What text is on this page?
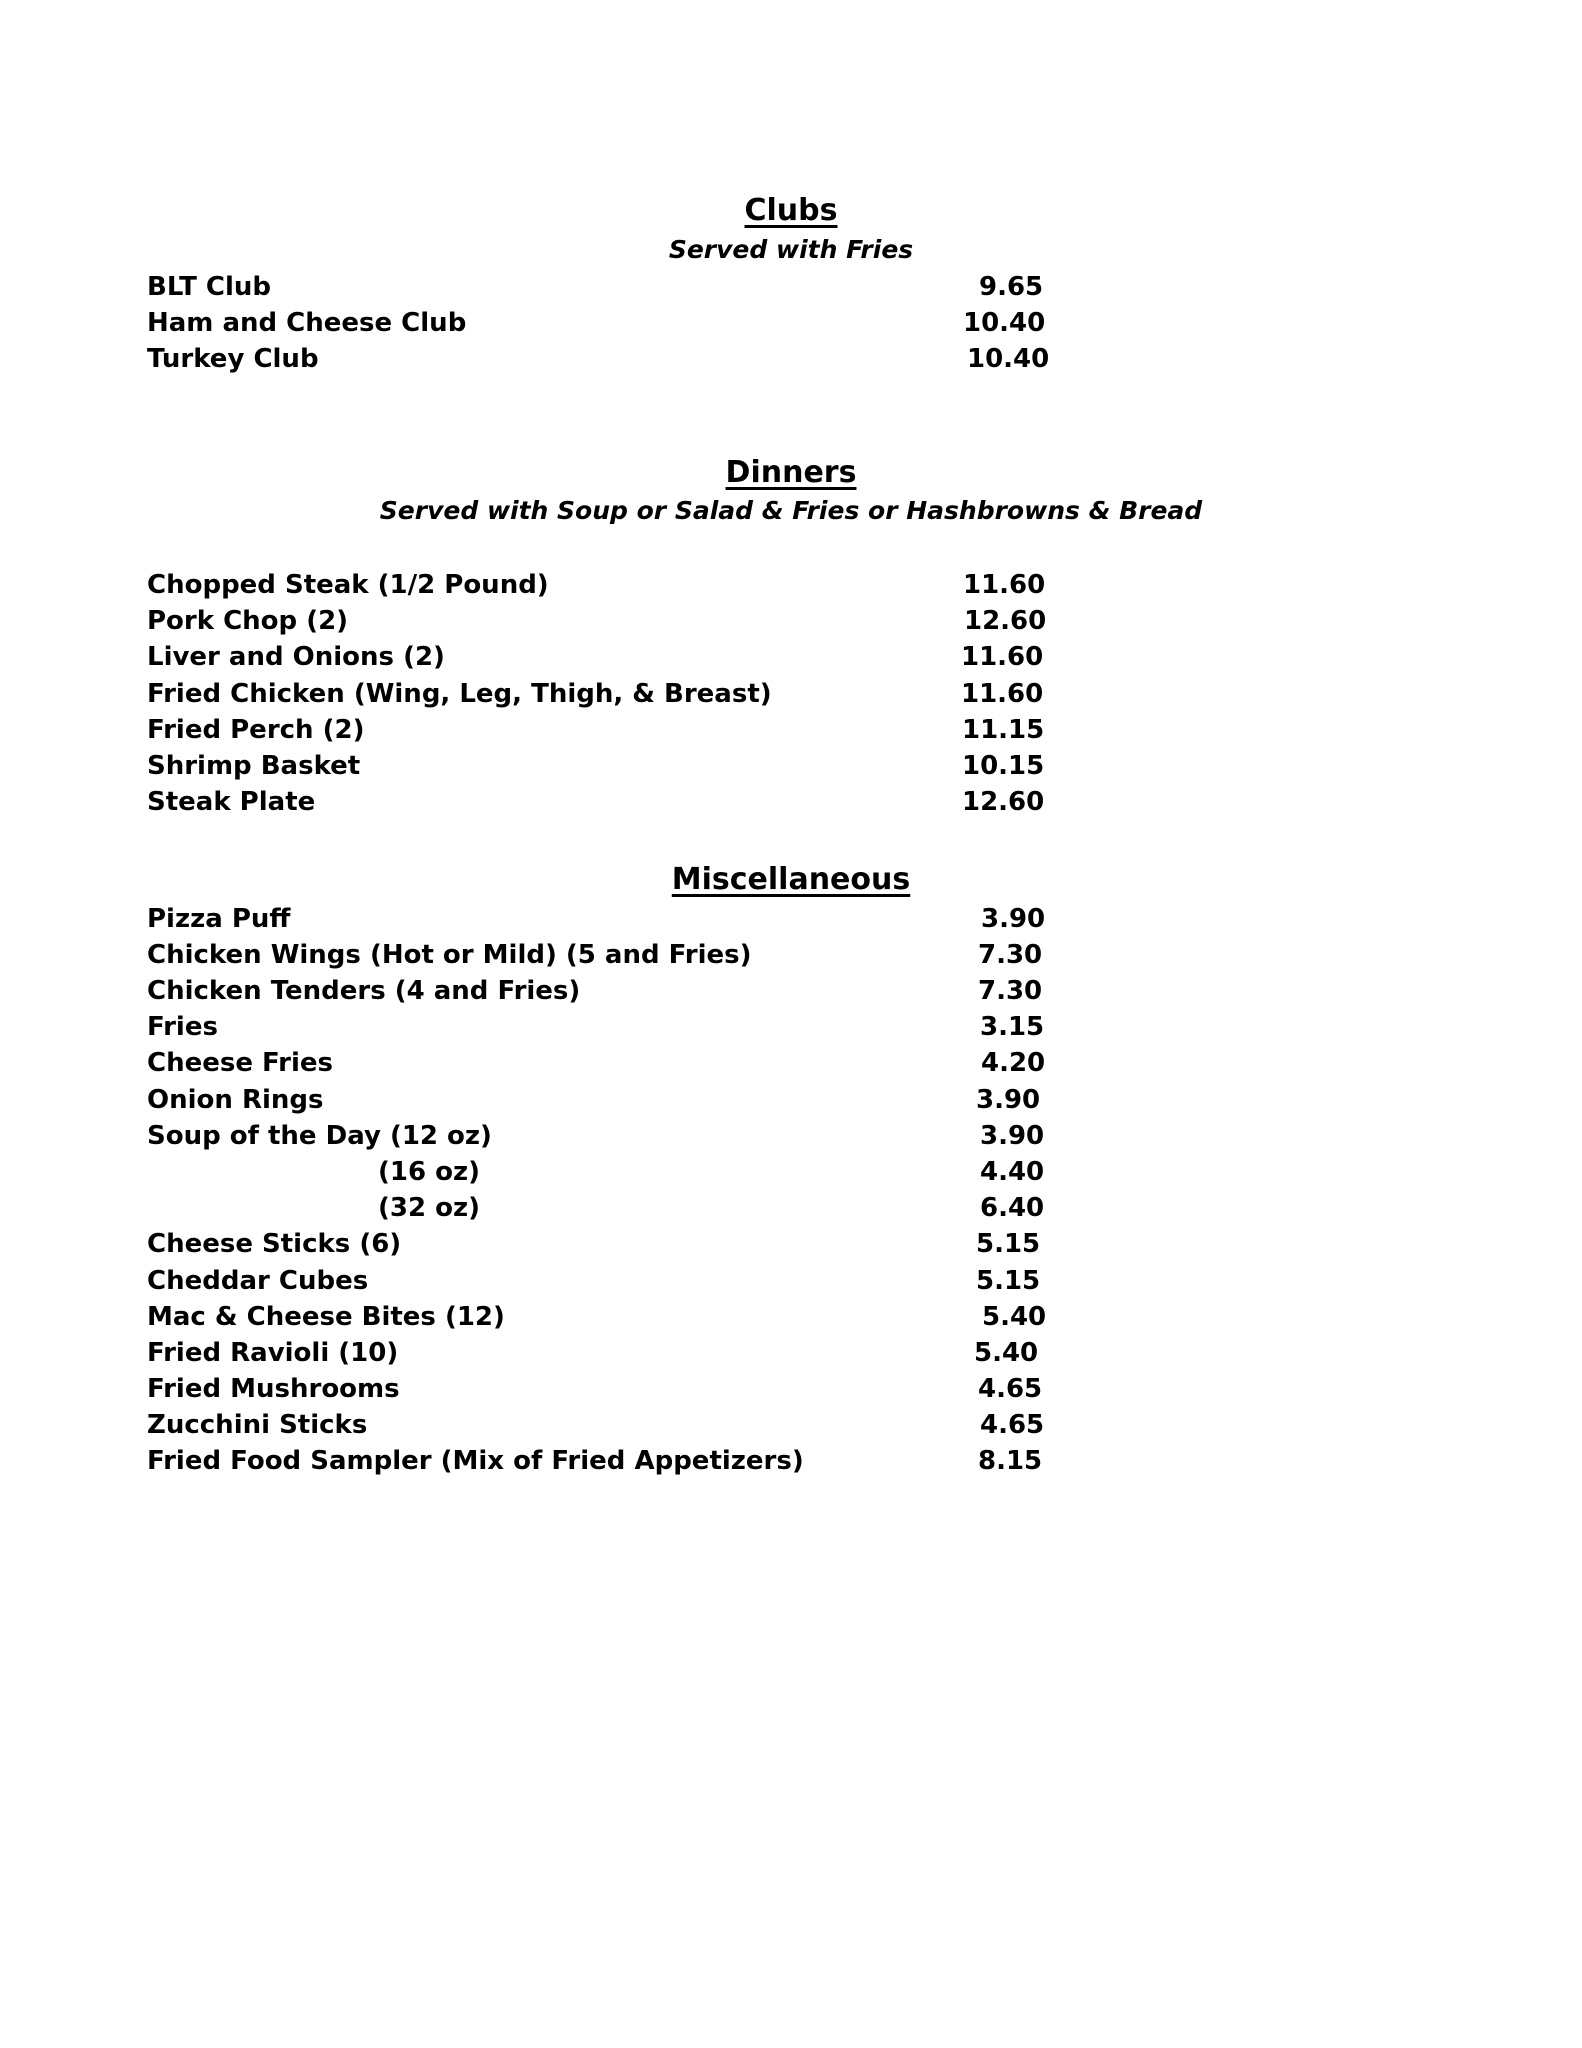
Clubs
Served with Fries
BLT Club	9.65
Ham and Cheese Club	10.40
Turkey Club	10.40
Dinners
Served with Soup or Salad & Fries or Hashbrowns & Bread
Chopped Steak (1/2 Pound)	11.60
Pork Chop (2)	12.60
Liver and Onions (2)	11.60
Fried Chicken (Wing, Leg, Thigh, & Breast)	11.60
Fried Perch (2)	11.15
Shrimp Basket	10.15
Steak Plate	12.60
Miscellaneous
Pizza Puff	3.90
Chicken Wings (Hot or Mild) (5 and Fries)	7.30
Chicken Tenders (4 and Fries)	7.30
Fries	3.15
Cheese Fries	4.20
Onion Rings	3.90
Soup of the Day (12 oz)	3.90
(16 oz)	4.40
(32 oz)	6.40
Cheese Sticks (6)	5.15
Cheddar Cubes	5.15
Mac & Cheese Bites (12)	5.40
Fried Ravioli (10)	5.40
Fried Mushrooms	4.65
Zucchini Sticks	4.65
Fried Food Sampler (Mix of Fried Appetizers)	8.15
